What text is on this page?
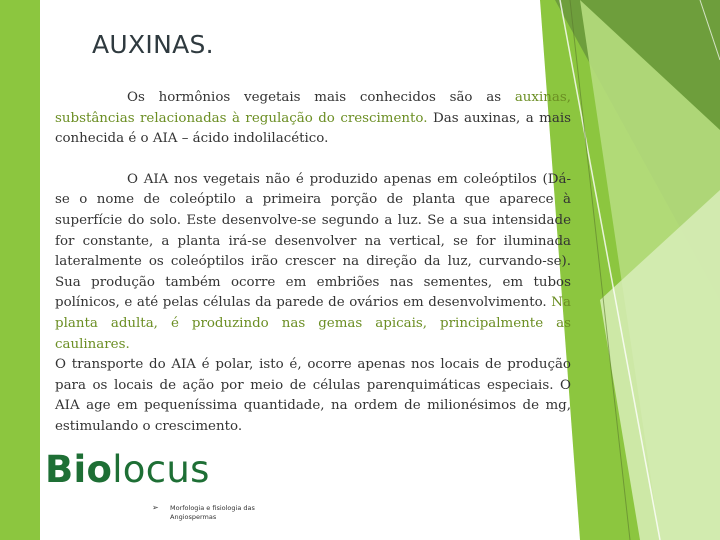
AUXINAS.

Os hormônios vegetais mais conhecidos são as auxinas, substâncias relacionadas à regulação do crescimento. Das auxinas, a mais conhecida é o AIA – ácido indolilacético.

O AIA nos vegetais não é produzido apenas em coleóptilos (Dá-se o nome de coleóptilo a primeira porção de planta que aparece à superfície do solo. Este desenvolve-se segundo a luz. Se a sua intensidade for constante, a planta irá-se desenvolver na vertical, se for iluminada lateralmente os coleóptilos irão crescer na direção da luz, curvando-se). Sua produção também ocorre em embriões nas sementes, em tubos polínicos, e até pelas células da parede de ovários em desenvolvimento. Na planta adulta, é produzindo nas gemas apicais, principalmente as caulinares.

O transporte do AIA é polar, isto é, ocorre apenas nos locais de produção para os locais de ação por meio de células parenquimáticas especiais. O AIA age em pequeníssima quantidade, na ordem de milionésimos de mg, estimulando o crescimento.

Biolocus
➢ Morfologia e fisiologia das Angiospermas
